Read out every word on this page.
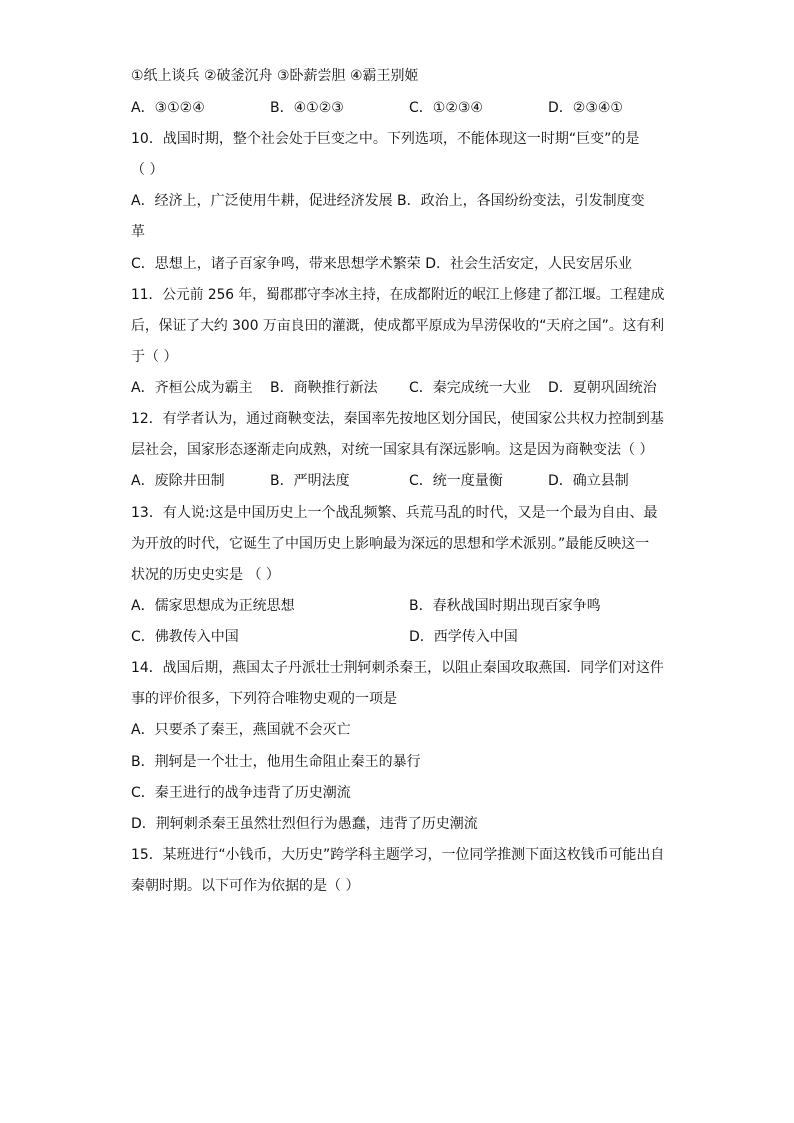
①纸上谈兵 ②破釜沉舟 ③卧薪尝胆 ④霸王别姬
A．③①②④	B．④①②③	C．①②③④	D．②③④①
10．战国时期，整个社会处于巨变之中。下列选项，不能体现这一时期“巨变”的是
（ ）
A．经济上，广泛使用牛耕，促进经济发展 B．政治上，各国纷纷变法，引发制度变
革
C．思想上，诸子百家争鸣，带来思想学术繁荣 D．社会生活安定，人民安居乐业
11．公元前 256 年，蜀郡郡守李冰主持，在成都附近的岷江上修建了都江堰。工程建成
后，保证了大约 300 万亩良田的灌溉，使成都平原成为旱涝保收的“天府之国”。这有利
于（ ）
A．齐桓公成为霸主 B．商鞅推行新法 C．秦完成统一大业 D．夏朝巩固统治
12．有学者认为，通过商鞅变法，秦国率先按地区划分国民，使国家公共权力控制到基
层社会，国家形态逐渐走向成熟，对统一国家具有深远影响。这是因为商鞅变法（ ）
A．废除井田制	B．严明法度	C．统一度量衡	D．确立县制
13．有人说:这是中国历史上一个战乱频繁、兵荒马乱的时代，又是一个最为自由、最
为开放的时代，它诞生了中国历史上影响最为深远的思想和学术派别。”最能反映这一
状况的历史史实是 （ ）
A．儒家思想成为正统思想	B．春秋战国时期出现百家争鸣
C．佛教传入中国	D．西学传入中国
14．战国后期，燕国太子丹派壮士荆轲刺杀秦王，以阻止秦国攻取燕国．同学们对这件
事的评价很多，下列符合唯物史观的一项是
A．只要杀了秦王，燕国就不会灭亡
B．荆轲是一个壮士，他用生命阻止秦王的暴行
C．秦王进行的战争违背了历史潮流
D．荆轲刺杀秦王虽然壮烈但行为愚蠢，违背了历史潮流
15．某班进行“小钱币，大历史”跨学科主题学习，一位同学推测下面这枚钱币可能出自
秦朝时期。以下可作为依据的是（ ）
